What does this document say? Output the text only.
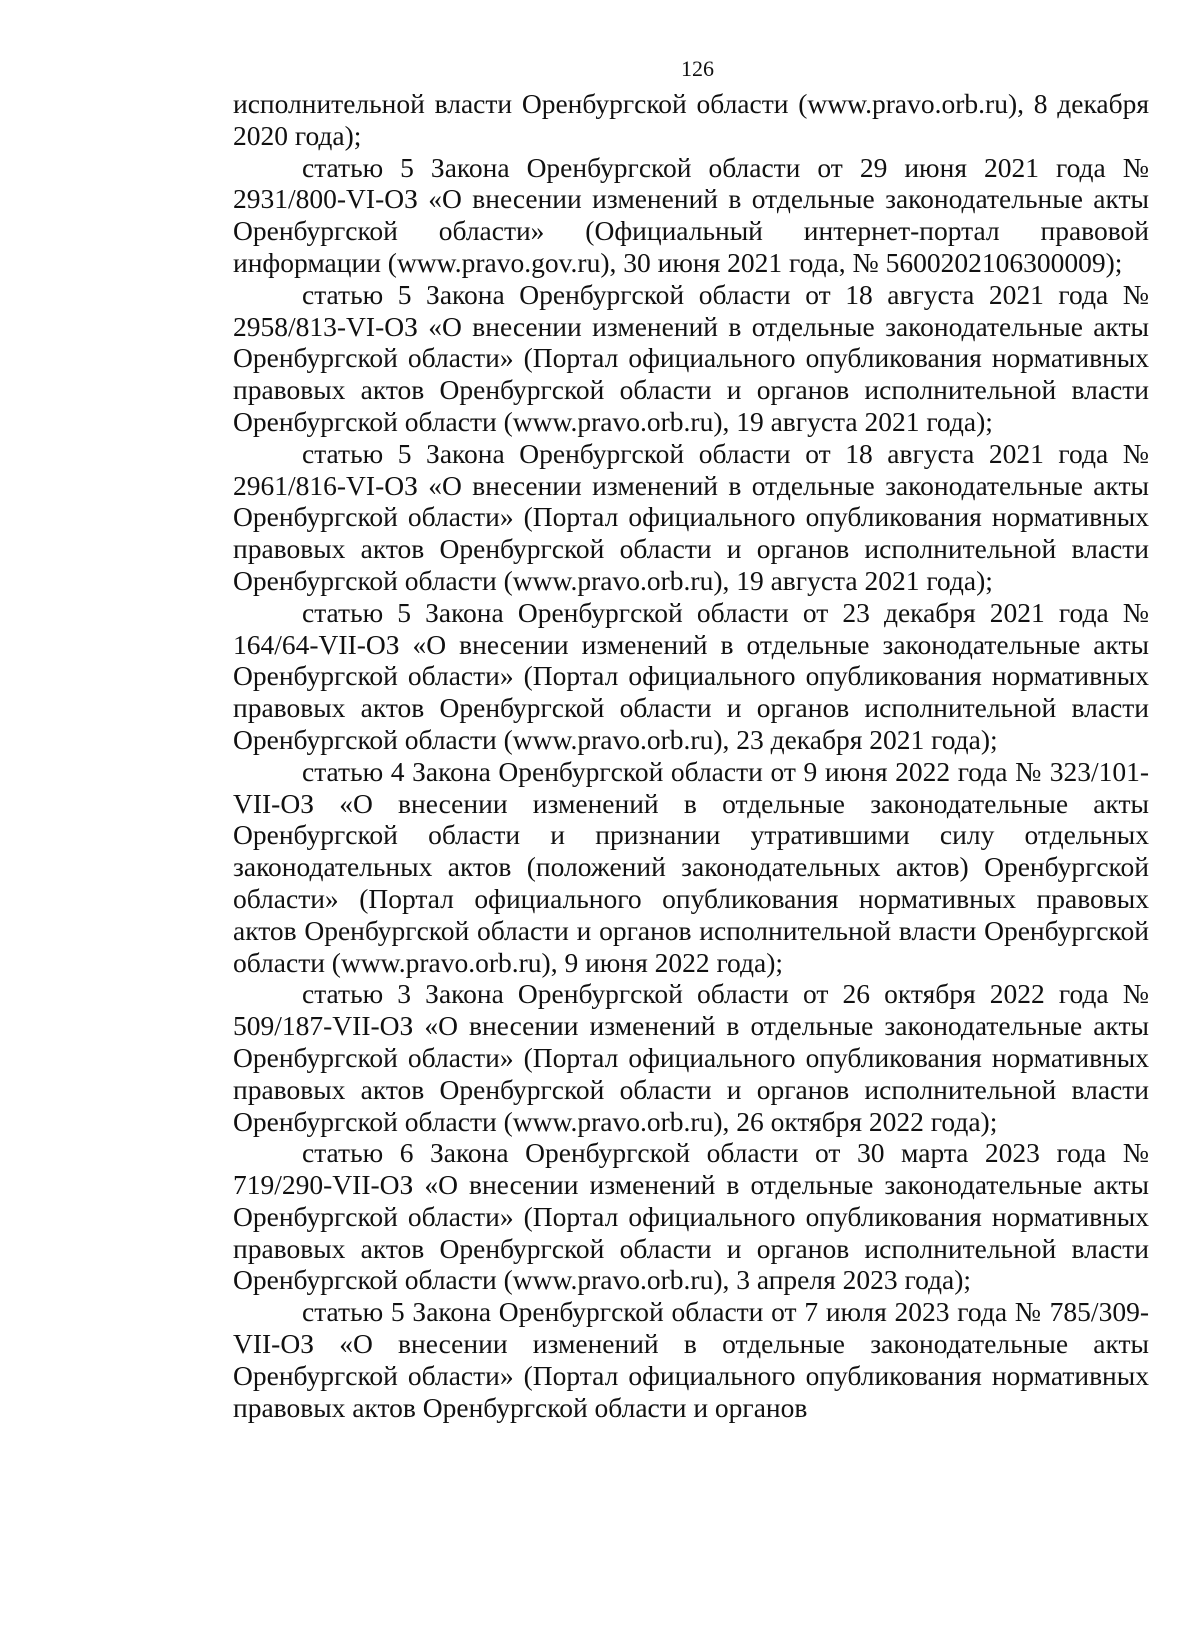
126

исполнительной власти Оренбургской области (www.pravo.orb.ru), 8 декабря 2020 года);

статью 5 Закона Оренбургской области от 29 июня 2021 года № 2931/800-VI-ОЗ «О внесении изменений в отдельные законодательные акты Оренбургской области» (Официальный интернет-портал правовой информации (www.pravo.gov.ru), 30 июня 2021 года, № 5600202106300009);

статью 5 Закона Оренбургской области от 18 августа 2021 года № 2958/813-VI-ОЗ «О внесении изменений в отдельные законодательные акты Оренбургской области» (Портал официального опубликования нормативных правовых актов Оренбургской области и органов исполнительной власти Оренбургской области (www.pravo.orb.ru), 19 августа 2021 года);

статью 5 Закона Оренбургской области от 18 августа 2021 года № 2961/816-VI-ОЗ «О внесении изменений в отдельные законодательные акты Оренбургской области» (Портал официального опубликования нормативных правовых актов Оренбургской области и органов исполнительной власти Оренбургской области (www.pravo.orb.ru), 19 августа 2021 года);

статью 5 Закона Оренбургской области от 23 декабря 2021 года № 164/64-VII-ОЗ «О внесении изменений в отдельные законодательные акты Оренбургской области» (Портал официального опубликования нормативных правовых актов Оренбургской области и органов исполнительной власти Оренбургской области (www.pravo.orb.ru), 23 декабря 2021 года);

статью 4 Закона Оренбургской области от 9 июня 2022 года № 323/101-VII-ОЗ «О внесении изменений в отдельные законодательные акты Оренбургской области и признании утратившими силу отдельных законодательных актов (положений законодательных актов) Оренбургской области» (Портал официального опубликования нормативных правовых актов Оренбургской области и органов исполнительной власти Оренбургской области (www.pravo.orb.ru), 9 июня 2022 года);

статью 3 Закона Оренбургской области от 26 октября 2022 года № 509/187-VII-ОЗ «О внесении изменений в отдельные законодательные акты Оренбургской области» (Портал официального опубликования нормативных правовых актов Оренбургской области и органов исполнительной власти Оренбургской области (www.pravo.orb.ru), 26 октября 2022 года);

статью 6 Закона Оренбургской области от 30 марта 2023 года № 719/290-VII-ОЗ «О внесении изменений в отдельные законодательные акты Оренбургской области» (Портал официального опубликования нормативных правовых актов Оренбургской области и органов исполнительной власти Оренбургской области (www.pravo.orb.ru), 3 апреля 2023 года);

статью 5 Закона Оренбургской области от 7 июля 2023 года № 785/309-VII-ОЗ «О внесении изменений в отдельные законодательные акты Оренбургской области» (Портал официального опубликования нормативных правовых актов Оренбургской области и органов
